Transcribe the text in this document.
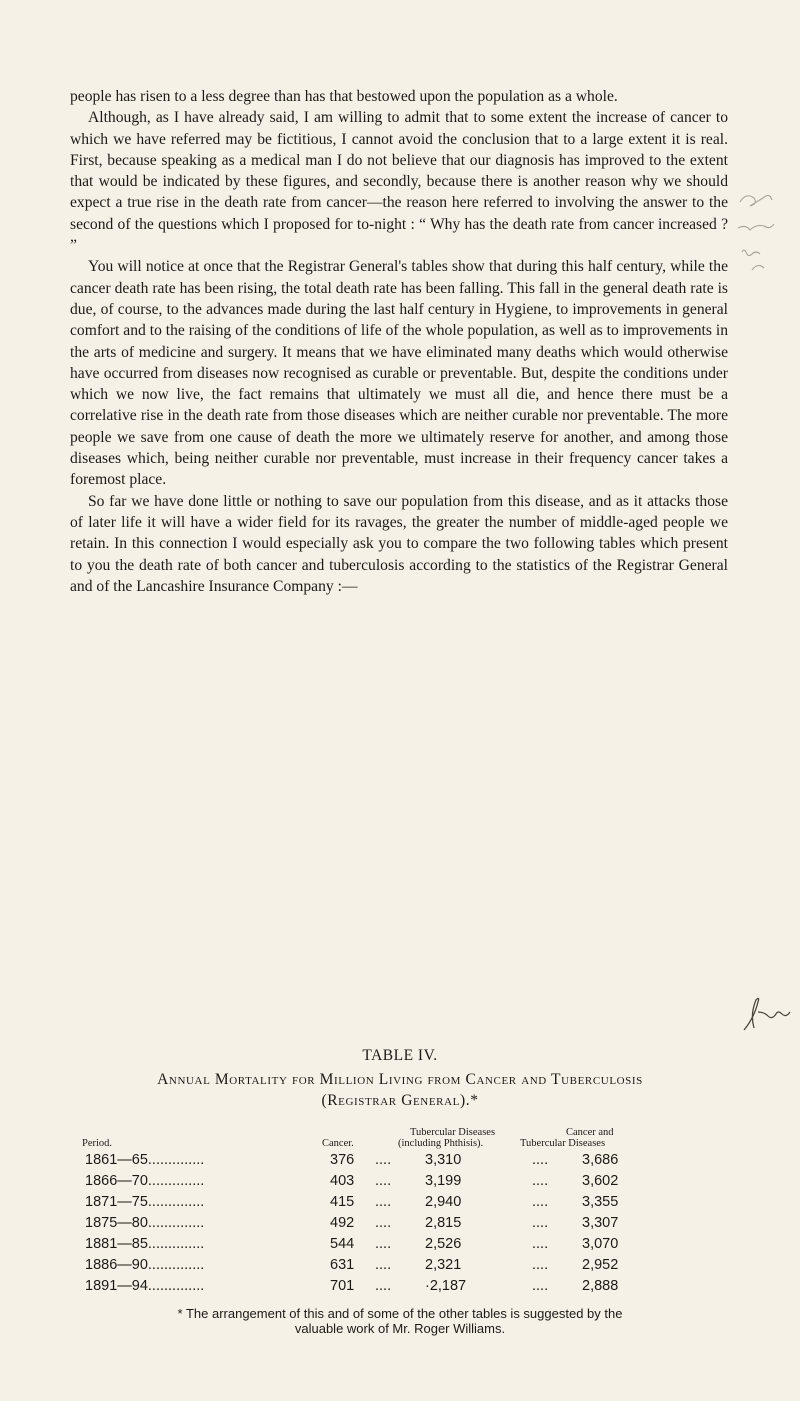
people has risen to a less degree than has that bestowed upon the population as a whole.

Although, as I have already said, I am willing to admit that to some extent the increase of cancer to which we have referred may be fictitious, I cannot avoid the conclusion that to a large extent it is real. First, because speaking as a medical man I do not believe that our diagnosis has improved to the extent that would be indicated by these figures, and secondly, because there is another reason why we should expect a true rise in the death rate from cancer—the reason here referred to involving the answer to the second of the questions which I proposed for to-night : “ Why has the death rate from cancer increased ? ”

You will notice at once that the Registrar General's tables show that during this half century, while the cancer death rate has been rising, the total death rate has been falling. This fall in the general death rate is due, of course, to the advances made during the last half century in Hygiene, to improvements in general comfort and to the raising of the conditions of life of the whole population, as well as to improvements in the arts of medicine and surgery. It means that we have eliminated many deaths which would otherwise have occurred from diseases now recognised as curable or preventable. But, despite the conditions under which we now live, the fact remains that ultimately we must all die, and hence there must be a correlative rise in the death rate from those diseases which are neither curable nor preventable. The more people we save from one cause of death the more we ultimately reserve for another, and among those diseases which, being neither curable nor preventable, must increase in their frequency cancer takes a foremost place.

So far we have done little or nothing to save our population from this disease, and as it attacks those of later life it will have a wider field for its ravages, the greater the number of middle-aged people we retain. In this connection I would especially ask you to compare the two following tables which present to you the death rate of both cancer and tuberculosis according to the statistics of the Registrar General and of the Lancashire Insurance Company :—

TABLE IV.
Annual Mortality for Million Living from Cancer and Tuberculosis
(Registrar General).*
Period.	Cancer.
Tubercular Diseases
(including Phthisis).
Cancer and
Tubercular Diseases
1861—65..............	376 .... 3,310	.... 3,686
1866—70..............	403 .... 3,199	.... 3,602
1871—75..............	415 .... 2,940	.... 3,355
1875—80..............	492 .... 2,815	.... 3,307
1881—85..............	544 .... 2,526	.... 3,070
1886—90..............	631 .... 2,321	.... 2,952
1891—94..............	701 .... ·2,187	.... 2,888
* The arrangement of this and of some of the other tables is suggested by the
valuable work of Mr. Roger Williams.
